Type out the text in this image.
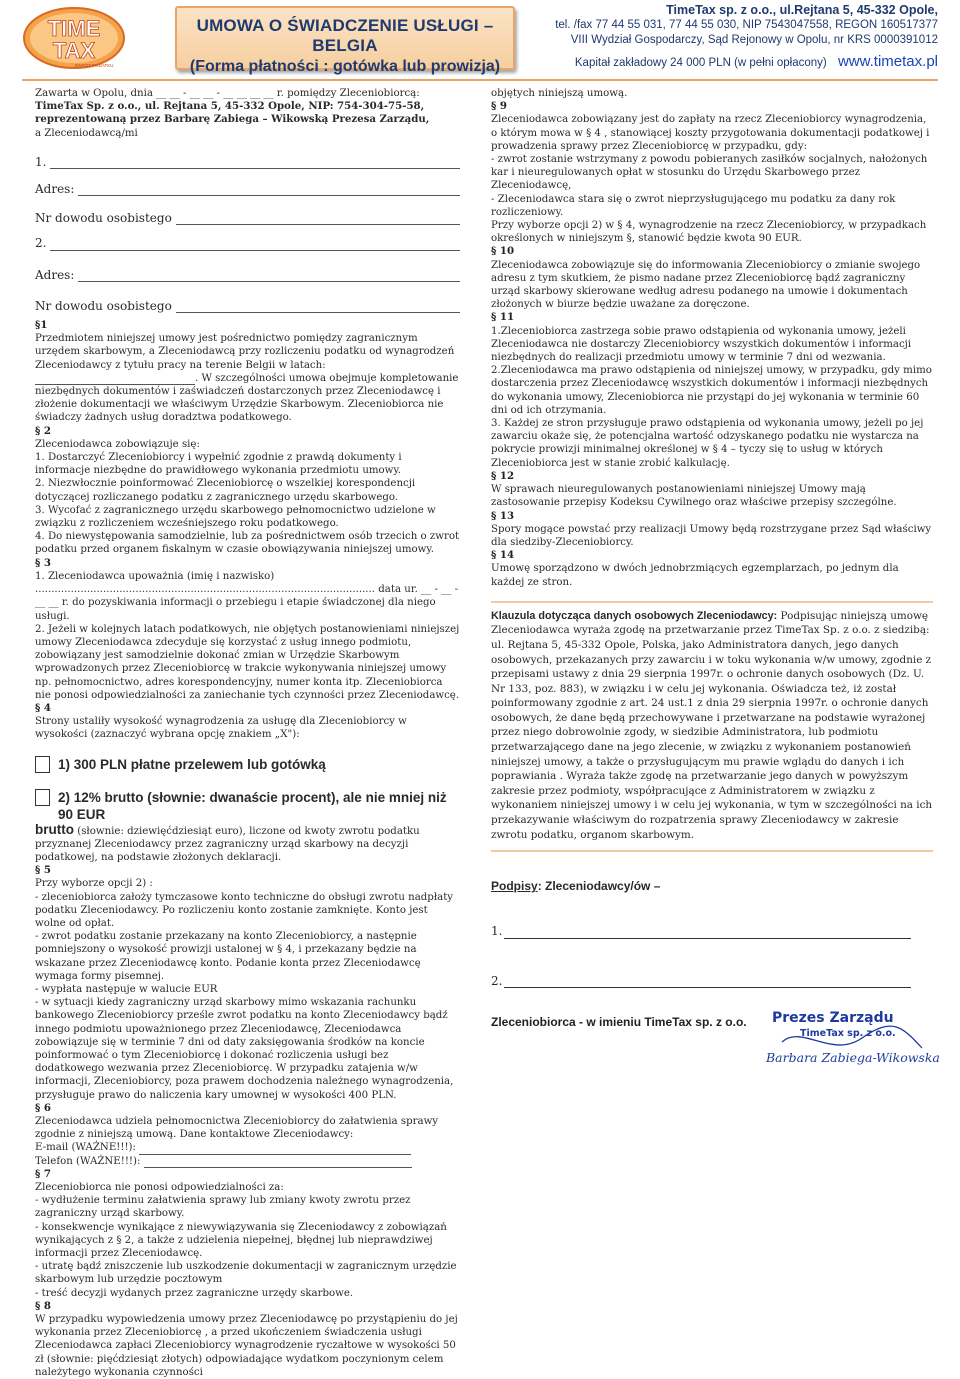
TIME
TAX
ZWROT PODATKU
UMOWA O ŚWIADCZENIE USŁUGI – BELGIA
(Forma płatności : gotówka lub prowizja)
TimeTax sp. z o.o., ul.Rejtana 5, 45-332 Opole,
tel. /fax 77 44 55 031, 77 44 55 030, NIP 7543047558, REGON 160517377
VIII Wydział Gospodarczy, Sąd Rejonowy w Opolu, nr KRS 0000391012
Kapitał zakładowy 24 000 PLN (w pełni opłacony) www.timetax.pl

Zawarta w Opolu, dnia __ __ - __ __ - __ __ __ __ r. pomiędzy Zleceniobiorcą:

TimeTax Sp. z o.o., ul. Rejtana 5, 45-332 Opole, NIP: 754-304-75-58, reprezentowaną przez Barbarę Zabiega – Wikowską Prezesa Zarządu,

a Zleceniodawcą/mi

1.
Adres:
Nr dowodu osobistego
2.
Adres:
Nr dowodu osobistego

§1

Przedmiotem niniejszej umowy jest pośrednictwo pomiędzy zagranicznym urzędem skarbowym, a Zleceniodawcą przy rozliczeniu podatku od wynagrodzeń Zleceniodawcy z tytułu pracy na terenie Belgii w latach: . W szczególności umowa obejmuje kompletowanie niezbędnych dokumentów i zaświadczeń dostarczonych przez Zleceniodawcę i złożenie dokumentacji we właściwym Urzędzie Skarbowym. Zleceniobiorca nie świadczy żadnych usług doradztwa podatkowego.

§ 2

Zleceniodawca zobowiązuje się:

1. Dostarczyć Zleceniobiorcy i wypełnić zgodnie z prawdą dokumenty i informacje niezbędne do prawidłowego wykonania przedmiotu umowy.

2. Niezwłocznie poinformować Zleceniobiorcę o wszelkiej korespondencji dotyczącej rozliczanego podatku z zagranicznego urzędu skarbowego.

3. Wycofać z zagranicznego urzędu skarbowego pełnomocnictwo udzielone w związku z rozliczeniem wcześniejszego roku podatkowego.

4. Do niewystępowania samodzielnie, lub za pośrednictwem osób trzecich o zwrot podatku przed organem fiskalnym w czasie obowiązywania niniejszej umowy.

§ 3

1. Zleceniodawca upoważnia (imię i nazwisko)

......................................................................................................... data ur. __ - __ - __ __ r. do pozyskiwania informacji o przebiegu i etapie świadczonej dla niego usługi.

2. Jeżeli w kolejnych latach podatkowych, nie objętych postanowieniami niniejszej umowy Zleceniodawca zdecyduje się korzystać z usług innego podmiotu, zobowiązany jest samodzielnie dokonać zmian w Urzędzie Skarbowym wprowadzonych przez Zleceniobiorcę w trakcie wykonywania niniejszej umowy np. pełnomocnictwo, adres korespondencyjny, numer konta itp. Zleceniobiorca nie ponosi odpowiedzialności za zaniechanie tych czynności przez Zleceniodawcę.

§ 4

Strony ustaliły wysokość wynagrodzenia za usługę dla Zleceniobiorcy w wysokości (zaznaczyć wybrana opcję znakiem „X"):

1) 300 PLN płatne przelewem lub gotówką
2) 12% brutto (słownie: dwanaście procent), ale nie mniej niż 90 EUR

brutto (słownie: dziewięćdziesiąt euro), liczone od kwoty zwrotu podatku przyznanej Zleceniodawcy przez zagraniczny urząd skarbowy na decyzji podatkowej, na podstawie złożonych deklaracji.

§ 5

Przy wyborze opcji 2) :

- zleceniobiorca założy tymczasowe konto techniczne do obsługi zwrotu nadpłaty podatku Zleceniodawcy. Po rozliczeniu konto zostanie zamknięte. Konto jest wolne od opłat.

- zwrot podatku zostanie przekazany na konto Zleceniobiorcy, a następnie pomniejszony o wysokość prowizji ustalonej w § 4, i przekazany będzie na wskazane przez Zleceniodawcę konto. Podanie konta przez Zleceniodawcę wymaga formy pisemnej.

- wypłata następuje w walucie EUR

- w sytuacji kiedy zagraniczny urząd skarbowy mimo wskazania rachunku bankowego Zleceniobiorcy prześle zwrot podatku na konto Zleceniodawcy bądź innego podmiotu upoważnionego przez Zleceniodawcę, Zleceniodawca zobowiązuje się w terminie 7 dni od daty zaksięgowania środków na koncie poinformować o tym Zleceniobiorcę i dokonać rozliczenia usługi bez dodatkowego wezwania przez Zleceniobiorcę. W przypadku zatajenia w/w informacji, Zleceniobiorcy, poza prawem dochodzenia należnego wynagrodzenia, przysługuje prawo do naliczenia kary umownej w wysokości 400 PLN.

§ 6

Zleceniodawca udziela pełnomocnictwa Zleceniobiorcy do załatwienia sprawy zgodnie z niniejszą umową. Dane kontaktowe Zleceniodawcy:

E-mail (WAŻNE!!!):

Telefon (WAŻNE!!!):

§ 7

Zleceniobiorca nie ponosi odpowiedzialności za:

- wydłużenie terminu załatwienia sprawy lub zmiany kwoty zwrotu przez zagraniczny urząd skarbowy.

- konsekwencje wynikające z niewywiązywania się Zleceniodawcy z zobowiązań wynikających z § 2, a także z udzielenia niepełnej, błędnej lub nieprawdziwej informacji przez Zleceniodawcę.

- utratę bądź zniszczenie lub uszkodzenie dokumentacji w zagranicznym urzędzie skarbowym lub urzędzie pocztowym

- treść decyzji wydanych przez zagraniczne urzędy skarbowe.

§ 8

W przypadku wypowiedzenia umowy przez Zleceniodawcę po przystąpieniu do jej wykonania przez Zleceniobiorcę , a przed ukończeniem świadczenia usługi Zleceniodawca zapłaci Zleceniobiorcy wynagrodzenie ryczałtowe w wysokości 50 zł (słownie: pięćdziesiąt złotych) odpowiadające wydatkom poczynionym celem należytego wykonania czynności

objętych niniejszą umową.

§ 9

Zleceniodawca zobowiązany jest do zapłaty na rzecz Zleceniobiorcy wynagrodzenia, o którym mowa w § 4 , stanowiącej koszty przygotowania dokumentacji podatkowej i prowadzenia sprawy przez Zleceniobiorcę w przypadku, gdy:

- zwrot zostanie wstrzymany z powodu pobieranych zasiłków socjalnych, nałożonych kar i nieuregulowanych opłat w stosunku do Urzędu Skarbowego przez Zleceniodawcę,

- Zleceniodawca stara się o zwrot nieprzysługującego mu podatku za dany rok rozliczeniowy.

Przy wyborze opcji 2) w § 4, wynagrodzenie na rzecz Zleceniobiorcy, w przypadkach określonych w niniejszym §, stanowić będzie kwota 90 EUR.

§ 10

Zleceniodawca zobowiązuje się do informowania Zleceniobiorcy o zmianie swojego adresu z tym skutkiem, że pismo nadane przez Zleceniobiorcę bądź zagraniczny urząd skarbowy skierowane według adresu podanego na umowie i dokumentach złożonych w biurze będzie uważane za doręczone.

§ 11

1.Zleceniobiorca zastrzega sobie prawo odstąpienia od wykonania umowy, jeżeli Zleceniodawca nie dostarczy Zleceniobiorcy wszystkich dokumentów i informacji niezbędnych do realizacji przedmiotu umowy w terminie 7 dni od wezwania.

2.Zleceniodawca ma prawo odstąpienia od niniejszej umowy, w przypadku, gdy mimo dostarczenia przez Zleceniodawcę wszystkich dokumentów i informacji niezbędnych do wykonania umowy, Zleceniobiorca nie przystąpi do jej wykonania w terminie 60 dni od ich otrzymania.

3. Każdej ze stron przysługuje prawo odstąpienia od wykonania umowy, jeżeli po jej zawarciu okaże się, że potencjalna wartość odzyskanego podatku nie wystarcza na pokrycie prowizji minimalnej określonej w § 4 – tyczy się to usług w których Zleceniobiorca jest w stanie zrobić kalkulację.

§ 12

W sprawach nieuregulowanych postanowieniami niniejszej Umowy mają zastosowanie przepisy Kodeksu Cywilnego oraz właściwe przepisy szczególne.

§ 13

Spory mogące powstać przy realizacji Umowy będą rozstrzygane przez Sąd właściwy dla siedziby-Zleceniobiorcy.

§ 14

Umowę sporządzono w dwóch jednobrzmiących egzemplarzach, po jednym dla każdej ze stron.

Klauzula dotycząca danych osobowych Zleceniodawcy: Podpisując niniejszą umowę Zleceniodawca wyraża zgodę na przetwarzanie przez TimeTax Sp. z o.o. z siedzibą: ul. Rejtana 5, 45-332 Opole, Polska, jako Administratora danych, jego danych osobowych, przekazanych przy zawarciu i w toku wykonania w/w umowy, zgodnie z przepisami ustawy z dnia 29 sierpnia 1997r. o ochronie danych osobowych (Dz. U. Nr 133, poz. 883), w związku i w celu jej wykonania. Oświadcza też, iż został poinformowany zgodnie z art. 24 ust.1 z dnia 29 sierpnia 1997r. o ochronie danych osobowych, że dane będą przechowywane i przetwarzane na podstawie wyrażonej przez niego dobrowolnie zgody, w siedzibie Administratora, lub podmiotu przetwarzającego dane na jego zlecenie, w związku z wykonaniem postanowień niniejszej umowy, a także o przysługującym mu prawie wglądu do danych i ich poprawiania . Wyraża także zgodę na przetwarzanie jego danych w powyższym zakresie przez podmioty, współpracujące z Administratorem w związku z wykonaniem niniejszej umowy i w celu jej wykonania, w tym w szczególności na ich przekazywanie właściwym do rozpatrzenia sprawy Zleceniodawcy w zakresie zwrotu podatku, organom skarbowym.
Podpisy: Zleceniodawcy/ów –
1.
2.
Zleceniobiorca - w imieniu TimeTax sp. z o.o. Prezes Zarządu
TimeTax sp. z o.o.
Barbara Zabiega-Wikowska
